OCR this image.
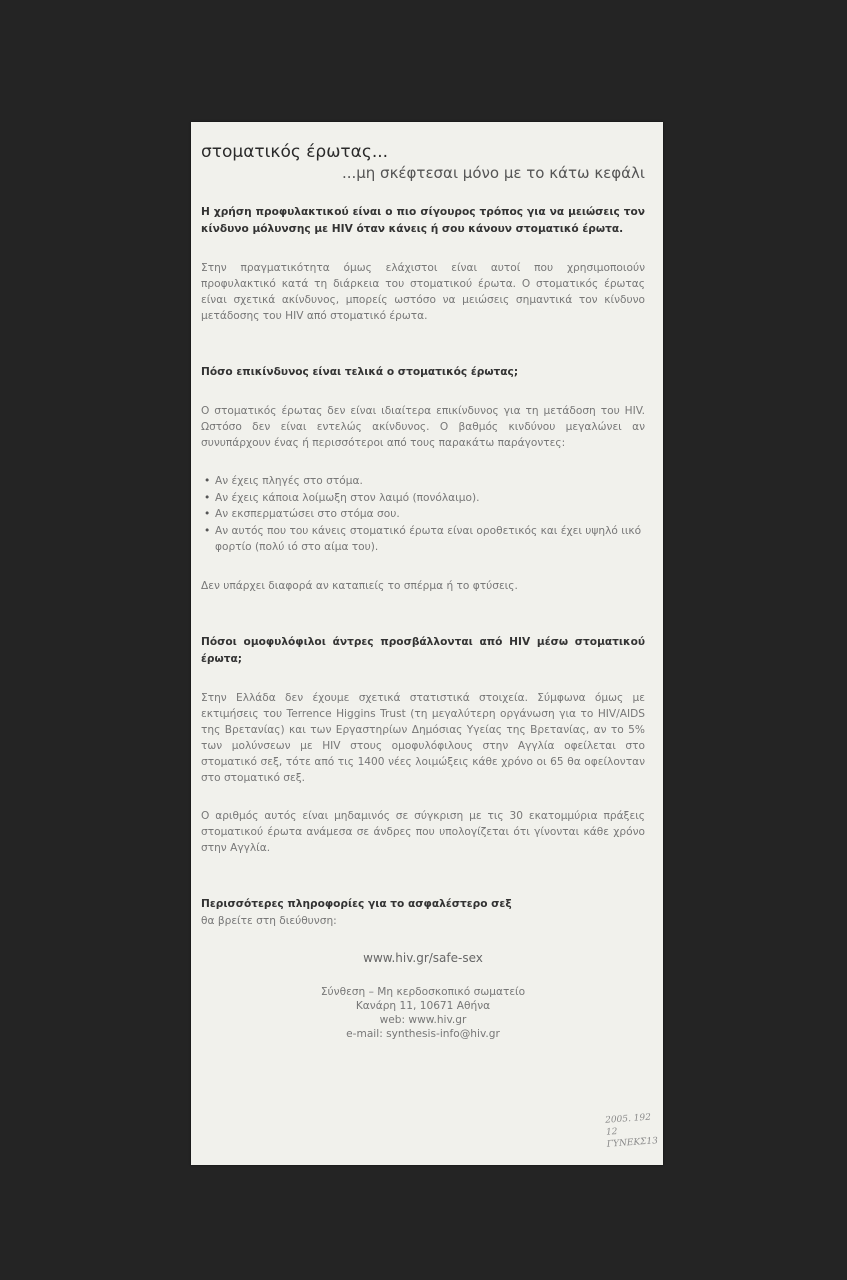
στοματικός έρωτας...
...μη σκέφτεσαι μόνο με το κάτω κεφάλι

Η χρήση προφυλακτικού είναι ο πιο σίγουρος τρόπος για να μειώσεις τον κίνδυνο μόλυνσης με HIV όταν κάνεις ή σου κάνουν στοματικό έρωτα.

Στην πραγματικότητα όμως ελάχιστοι είναι αυτοί που χρησιμοποιούν προφυλακτικό κατά τη διάρκεια του στοματικού έρωτα. Ο στοματικός έρωτας είναι σχετικά ακίνδυνος, μπορείς ωστόσο να μειώσεις σημαντικά τον κίνδυνο μετάδοσης του HIV από στοματικό έρωτα.

Πόσο επικίνδυνος είναι τελικά ο στοματικός έρωτας;

Ο στοματικός έρωτας δεν είναι ιδιαίτερα επικίνδυνος για τη μετάδοση του HIV. Ωστόσο δεν είναι εντελώς ακίνδυνος. Ο βαθμός κινδύνου μεγαλώνει αν συνυπάρχουν ένας ή περισσότεροι από τους παρακάτω παράγοντες:

• Αν έχεις πληγές στο στόμα.
• Αν έχεις κάποια λοίμωξη στον λαιμό (πονόλαιμο).
• Αν εκσπερματώσει στο στόμα σου.
• Αν αυτός που του κάνεις στοματικό έρωτα είναι οροθετικός και έχει υψηλό ιικό φορτίο (πολύ ιό στο αίμα του).

Δεν υπάρχει διαφορά αν καταπιείς το σπέρμα ή το φτύσεις.

Πόσοι ομοφυλόφιλοι άντρες προσβάλλονται από HIV μέσω στοματικού έρωτα;

Στην Ελλάδα δεν έχουμε σχετικά στατιστικά στοιχεία. Σύμφωνα όμως με εκτιμήσεις του Terrence Higgins Trust (τη μεγαλύτερη οργάνωση για το HIV/AIDS της Βρετανίας) και των Εργαστηρίων Δημόσιας Υγείας της Βρετανίας, αν το 5% των μολύνσεων με HIV στους ομοφυλόφιλους στην Αγγλία οφείλεται στο στοματικό σεξ, τότε από τις 1400 νέες λοιμώξεις κάθε χρόνο οι 65 θα οφείλονταν στο στοματικό σεξ.

Ο αριθμός αυτός είναι μηδαμινός σε σύγκριση με τις 30 εκατομμύρια πράξεις στοματικού έρωτα ανάμεσα σε άνδρες που υπολογίζεται ότι γίνονται κάθε χρόνο στην Αγγλία.

Περισσότερες πληροφορίες για το ασφαλέστερο σεξ

θα βρείτε στη διεύθυνση:

www.hiv.gr/safe-sex
Σύνθεση – Μη κερδοσκοπικό σωματείο
Κανάρη 11, 10671 Αθήνα
web: www.hiv.gr
e-mail: synthesis-info@hiv.gr
2005. 192
12
ΓΥΝΕΚΣ13
